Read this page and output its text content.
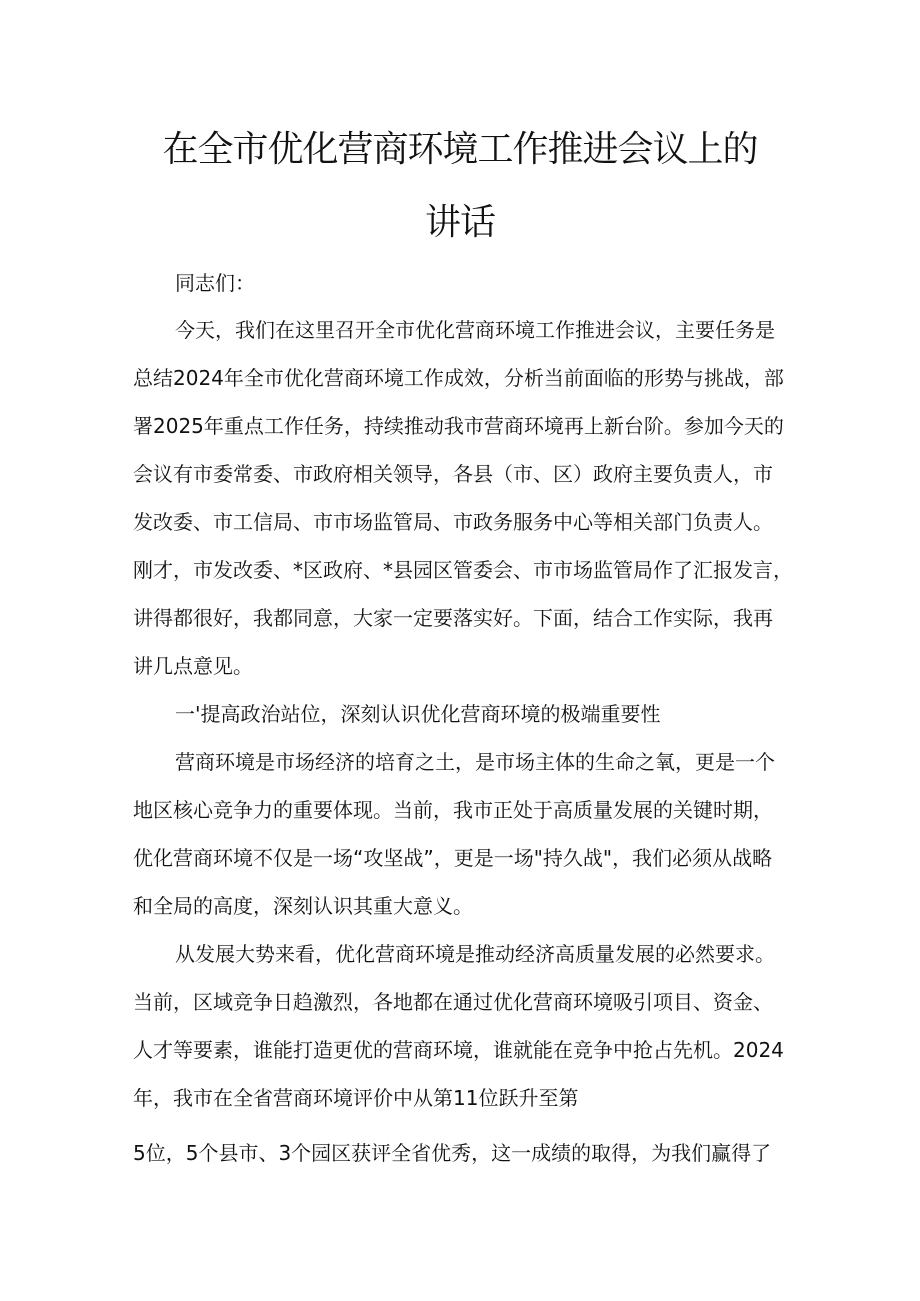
在全市优化营商环境工作推进会议上的
讲话

同志们：

今天，我们在这里召开全市优化营商环境工作推进会议，主要任务是

总结2024年全市优化营商环境工作成效，分析当前面临的形势与挑战，部

署2025年重点工作任务，持续推动我市营商环境再上新台阶。参加今天的

会议有市委常委、市政府相关领导，各县（市、区）政府主要负责人，市

发改委、市工信局、市市场监管局、市政务服务中心等相关部门负责人。

刚才，市发改委、*区政府、*县园区管委会、市市场监管局作了汇报发言，

讲得都很好，我都同意，大家一定要落实好。下面，结合工作实际，我再

讲几点意见。

一'提高政治站位，深刻认识优化营商环境的极端重要性

营商环境是市场经济的培育之土，是市场主体的生命之氧，更是一个

地区核心竞争力的重要体现。当前，我市正处于高质量发展的关键时期，

优化营商环境不仅是一场“攻坚战”，更是一场"持久战"，我们必须从战略

和全局的高度，深刻认识其重大意义。

从发展大势来看，优化营商环境是推动经济高质量发展的必然要求。

当前，区域竞争日趋激烈，各地都在通过优化营商环境吸引项目、资金、

人才等要素，谁能打造更优的营商环境，谁就能在竞争中抢占先机。2024

年，我市在全省营商环境评价中从第11位跃升至第

5位，5个县市、3个园区获评全省优秀，这一成绩的取得，为我们赢得了
